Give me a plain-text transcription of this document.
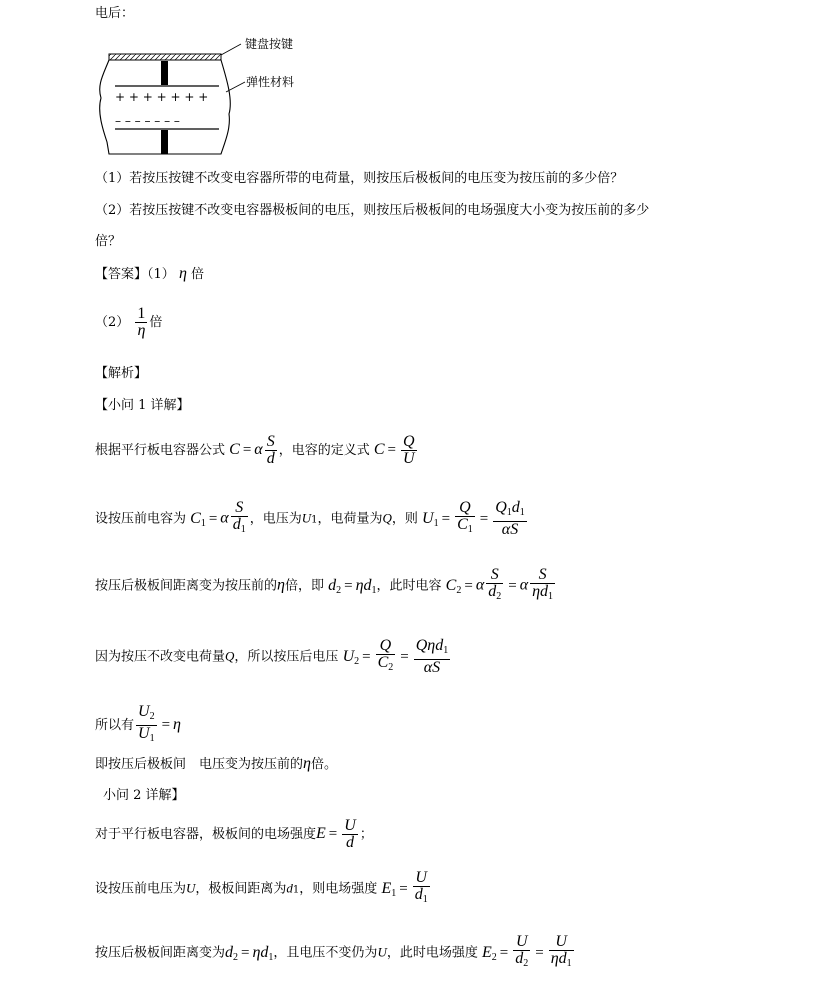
电后：
+ + + + + + +
– – – – – – –
键盘按键
弹性材料
（1）若按压按键不改变电容器所带的电荷量，则按压后极板间的电压变为按压前的多少倍？
（2）若按压按键不改变电容器极板间的电压，则按压后极板间的电场强度大小变为按压前的多少
倍？
【答案】（1） η 倍
$(2) \frac{1}{\eta}$ 倍
【解析】
【小问 1 详解】
根据平行板电容器公式 C = α $\frac{S}{d}$ ，电容的定义式 $C = \frac{Q}{U}$
设按压前电容为 $C_1 = \alpha \frac{S}{d_1}$ ，电压为U1，电荷量为Q，则 $U_1 = \frac{Q}{C_1} = \frac{Q_1d_1}{\alpha S}$
按压后极板间距离变为按压前的η倍，即 $d_2 = \eta d_1$，此时电容 $C_2 = \alpha \frac{S}{d_2} = \alpha \frac{S}{\eta d_1}$
因为按压不改变电荷量Q，所以按压后电压 $U_2 = \frac{Q}{C_2} = \frac{Q\eta d_1}{\alpha S}$
所以有 $\frac{U_2}{U_1} = \eta$
即按压后极板间　电压变为按压前的η倍。
小问 2 详解】
对于平行板电容器，极板间的电场强度$E = \frac{U}{d}$ ；
设按压前电压为U，极板间距离为d1，则电场强度 $E_1 = \frac{U}{d_1}$
按压后极板间距离变为$d_2 = \eta d_1$，且电压不变仍为U，此时电场强度 $E_2 = \frac{U}{d_2} = \frac{U}{\eta d_1}$
